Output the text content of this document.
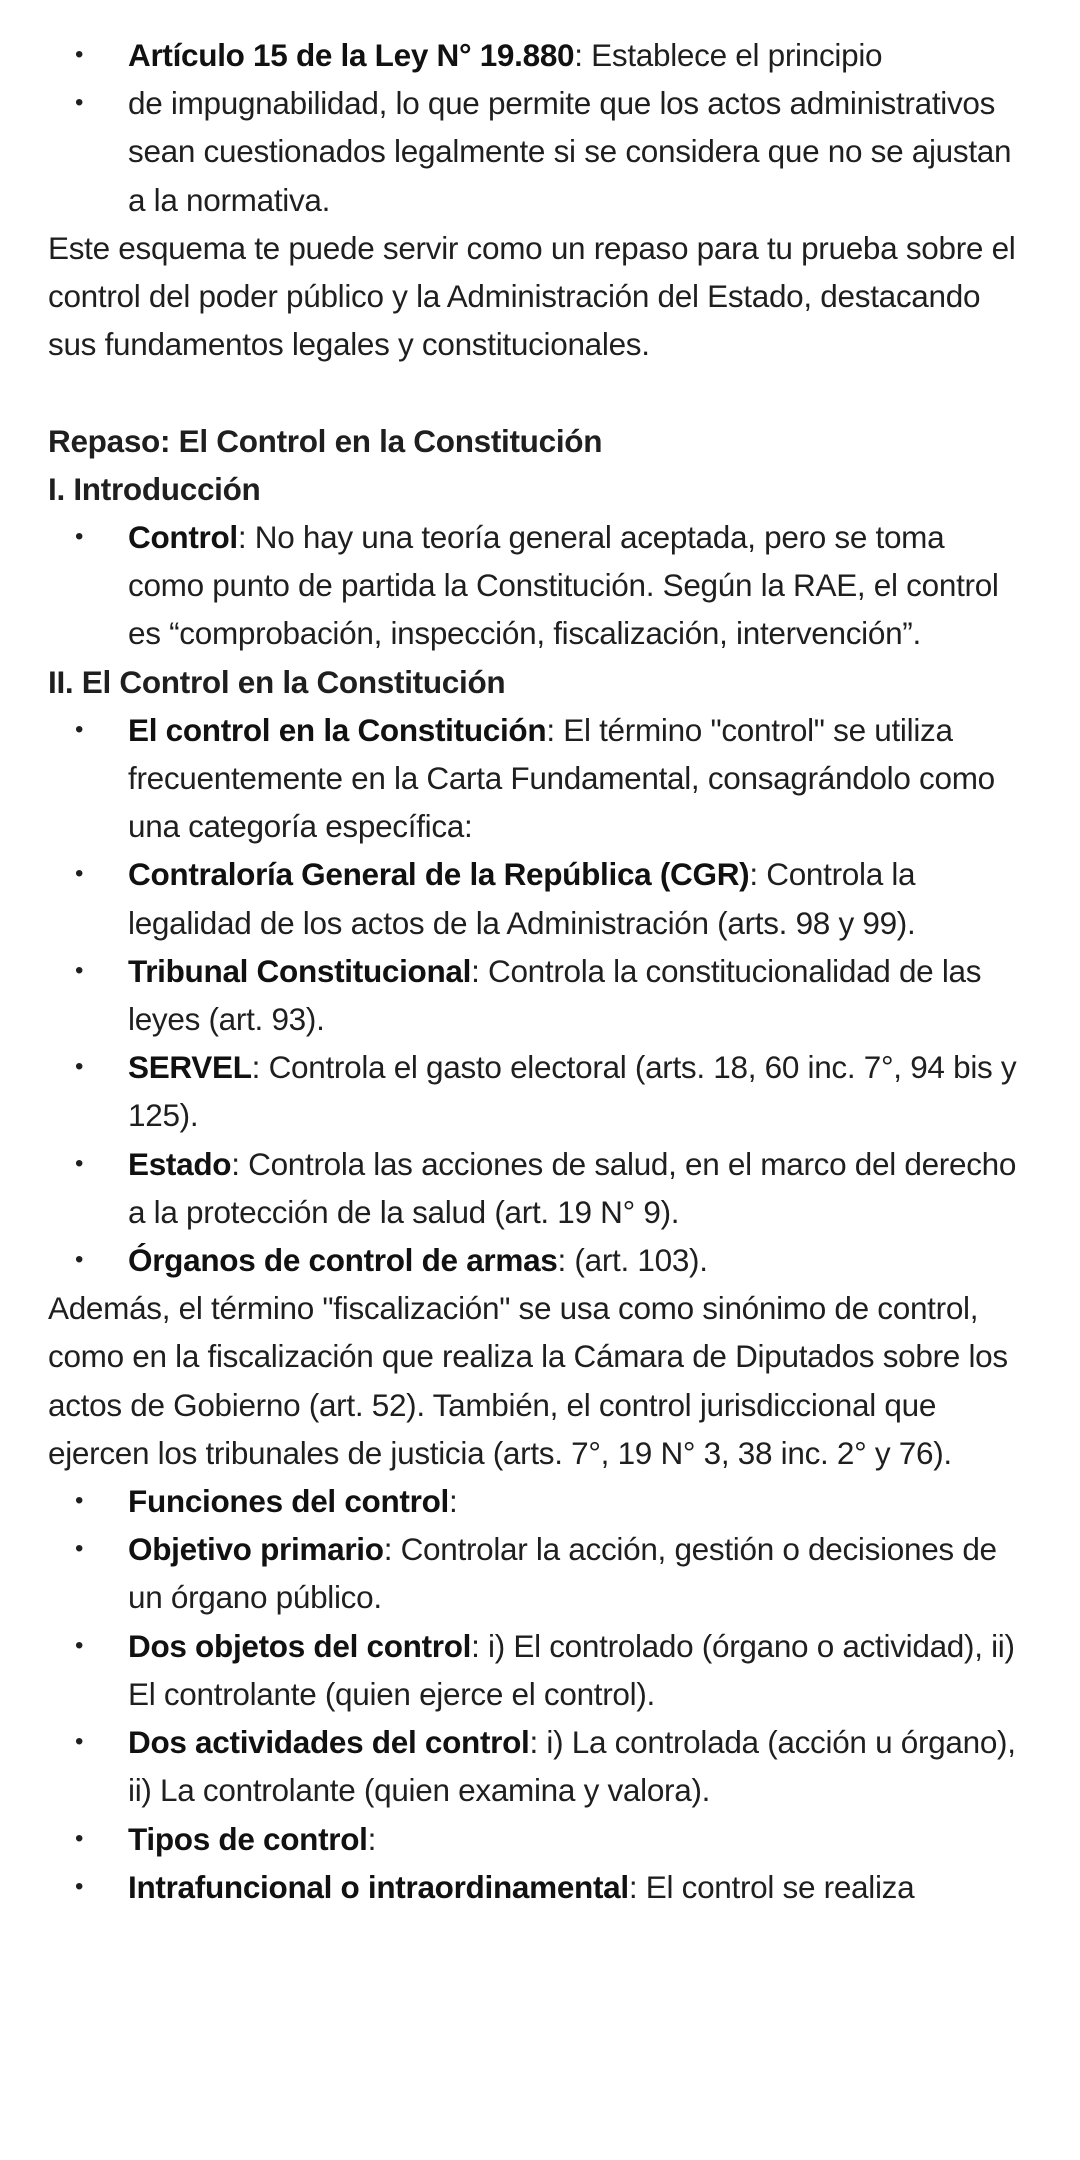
• Artículo 15 de la Ley N° 19.880: Establece el principio
• de impugnabilidad, lo que permite que los actos administrativos sean cuestionados legalmente si se considera que no se ajustan a la normativa.
Este esquema te puede servir como un repaso para tu prueba sobre el control del poder público y la Administración del Estado, destacando sus fundamentos legales y constitucionales.
Repaso: El Control en la Constitución
I. Introducción
• Control: No hay una teoría general aceptada, pero se toma como punto de partida la Constitución. Según la RAE, el control es “comprobación, inspección, fiscalización, intervención”.
II. El Control en la Constitución
• El control en la Constitución: El término "control" se utiliza frecuentemente en la Carta Fundamental, consagrándolo como una categoría específica:
• Contraloría General de la República (CGR): Controla la legalidad de los actos de la Administración (arts. 98 y 99).
• Tribunal Constitucional: Controla la constitucionalidad de las leyes (art. 93).
• SERVEL: Controla el gasto electoral (arts. 18, 60 inc. 7°, 94 bis y 125).
• Estado: Controla las acciones de salud, en el marco del derecho a la protección de la salud (art. 19 N° 9).
• Órganos de control de armas: (art. 103).
Además, el término "fiscalización" se usa como sinónimo de control, como en la fiscalización que realiza la Cámara de Diputados sobre los actos de Gobierno (art. 52). También, el control jurisdiccional que ejercen los tribunales de justicia (arts. 7°, 19 N° 3, 38 inc. 2° y 76).
• Funciones del control:
• Objetivo primario: Controlar la acción, gestión o decisiones de un órgano público.
• Dos objetos del control: i) El controlado (órgano o actividad), ii) El controlante (quien ejerce el control).
• Dos actividades del control: i) La controlada (acción u órgano), ii) La controlante (quien examina y valora).
• Tipos de control:
• Intrafuncional o intraordinamental: El control se realiza
